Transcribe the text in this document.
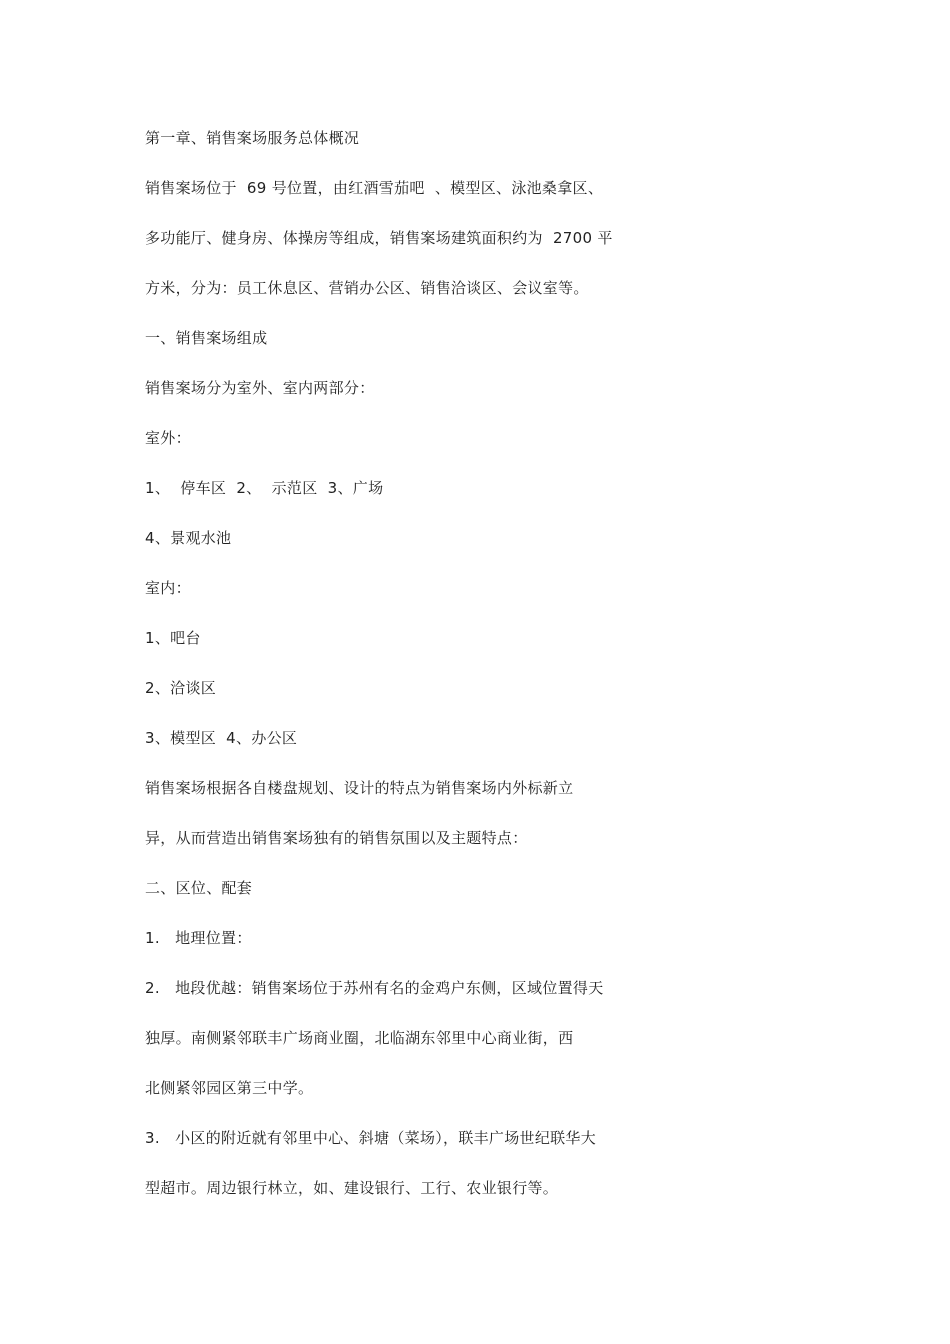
第一章、销售案场服务总体概况
销售案场位于  69 号位置，由红酒雪茄吧  、模型区、泳池桑拿区、
多功能厅、健身房、体操房等组成，销售案场建筑面积约为  2700 平
方米，分为：员工休息区、营销办公区、销售洽谈区、会议室等。
一、销售案场组成
销售案场分为室外、室内两部分：
室外：
1、  停车区  2、  示范区  3、广场
4、景观水池
室内：
1、吧台
2、洽谈区
3、模型区  4、办公区
销售案场根据各自楼盘规划、设计的特点为销售案场内外标新立
异，从而营造出销售案场独有的销售氛围以及主题特点：
二、区位、配套
1.   地理位置：
2.   地段优越：销售案场位于苏州有名的金鸡户东侧，区域位置得天
独厚。南侧紧邻联丰广场商业圈，北临湖东邻里中心商业街，西
北侧紧邻园区第三中学。
3.   小区的附近就有邻里中心、斜塘（菜场），联丰广场世纪联华大
型超市。周边银行林立，如、建设银行、工行、农业银行等。
